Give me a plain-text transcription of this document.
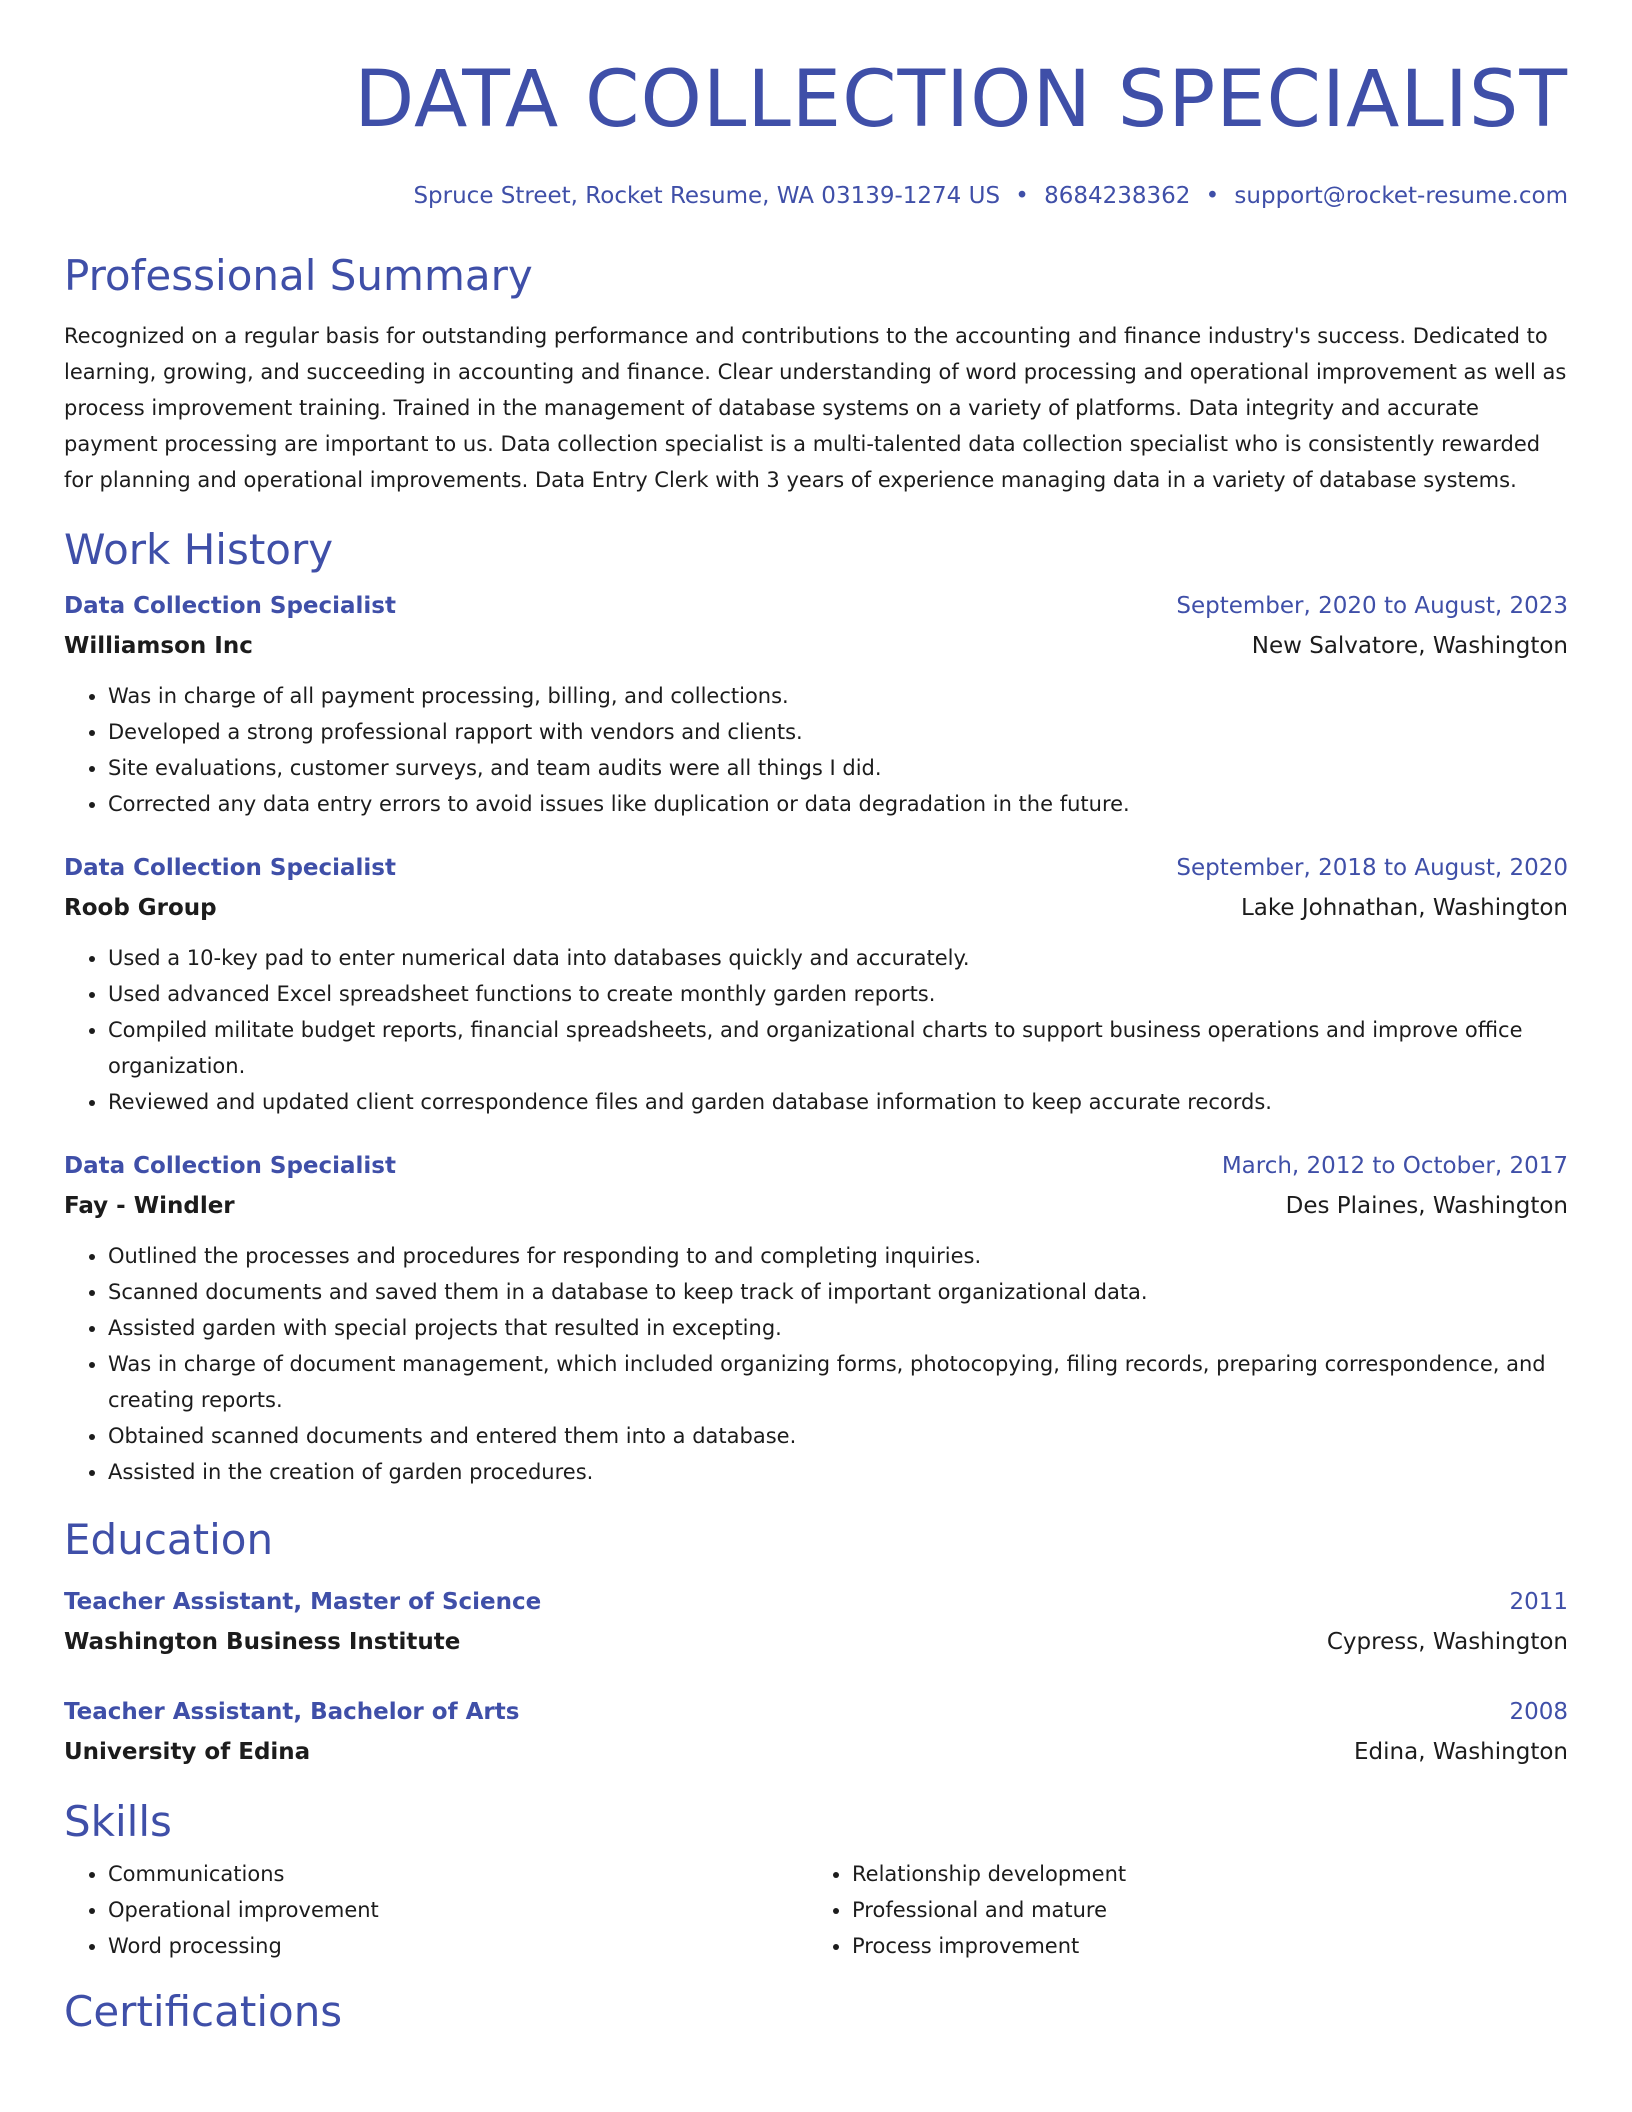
DATA COLLECTION SPECIALIST
Spruce Street, Rocket Resume, WA 03139-1274 US • 8684238362 • support@rocket-resume.com
Professional Summary
Recognized on a regular basis for outstanding performance and contributions to the accounting and finance industry's success. Dedicated to learning, growing, and succeeding in accounting and finance. Clear understanding of word processing and operational improvement as well as process improvement training. Trained in the management of database systems on a variety of platforms. Data integrity and accurate payment processing are important to us. Data collection specialist is a multi-talented data collection specialist who is consistently rewarded for planning and operational improvements. Data Entry Clerk with 3 years of experience managing data in a variety of database systems.
Work History
Data Collection Specialist	September, 2020 to August, 2023
Williamson Inc	New Salvatore, Washington
• Was in charge of all payment processing, billing, and collections.
• Developed a strong professional rapport with vendors and clients.
• Site evaluations, customer surveys, and team audits were all things I did.
• Corrected any data entry errors to avoid issues like duplication or data degradation in the future.
Data Collection Specialist	September, 2018 to August, 2020
Roob Group	Lake Johnathan, Washington
• Used a 10-key pad to enter numerical data into databases quickly and accurately.
• Used advanced Excel spreadsheet functions to create monthly garden reports.
• Compiled militate budget reports, financial spreadsheets, and organizational charts to support business operations and improve office organization.
• Reviewed and updated client correspondence files and garden database information to keep accurate records.
Data Collection Specialist	March, 2012 to October, 2017
Fay - Windler	Des Plaines, Washington
• Outlined the processes and procedures for responding to and completing inquiries.
• Scanned documents and saved them in a database to keep track of important organizational data.
• Assisted garden with special projects that resulted in excepting.
• Was in charge of document management, which included organizing forms, photocopying, filing records, preparing correspondence, and creating reports.
• Obtained scanned documents and entered them into a database.
• Assisted in the creation of garden procedures.
Education
Teacher Assistant, Master of Science	2011
Washington Business Institute	Cypress, Washington
Teacher Assistant, Bachelor of Arts	2008
University of Edina	Edina, Washington
Skills
• Communications
• Operational improvement
• Word processing
• Relationship development
• Professional and mature
• Process improvement
Certifications
